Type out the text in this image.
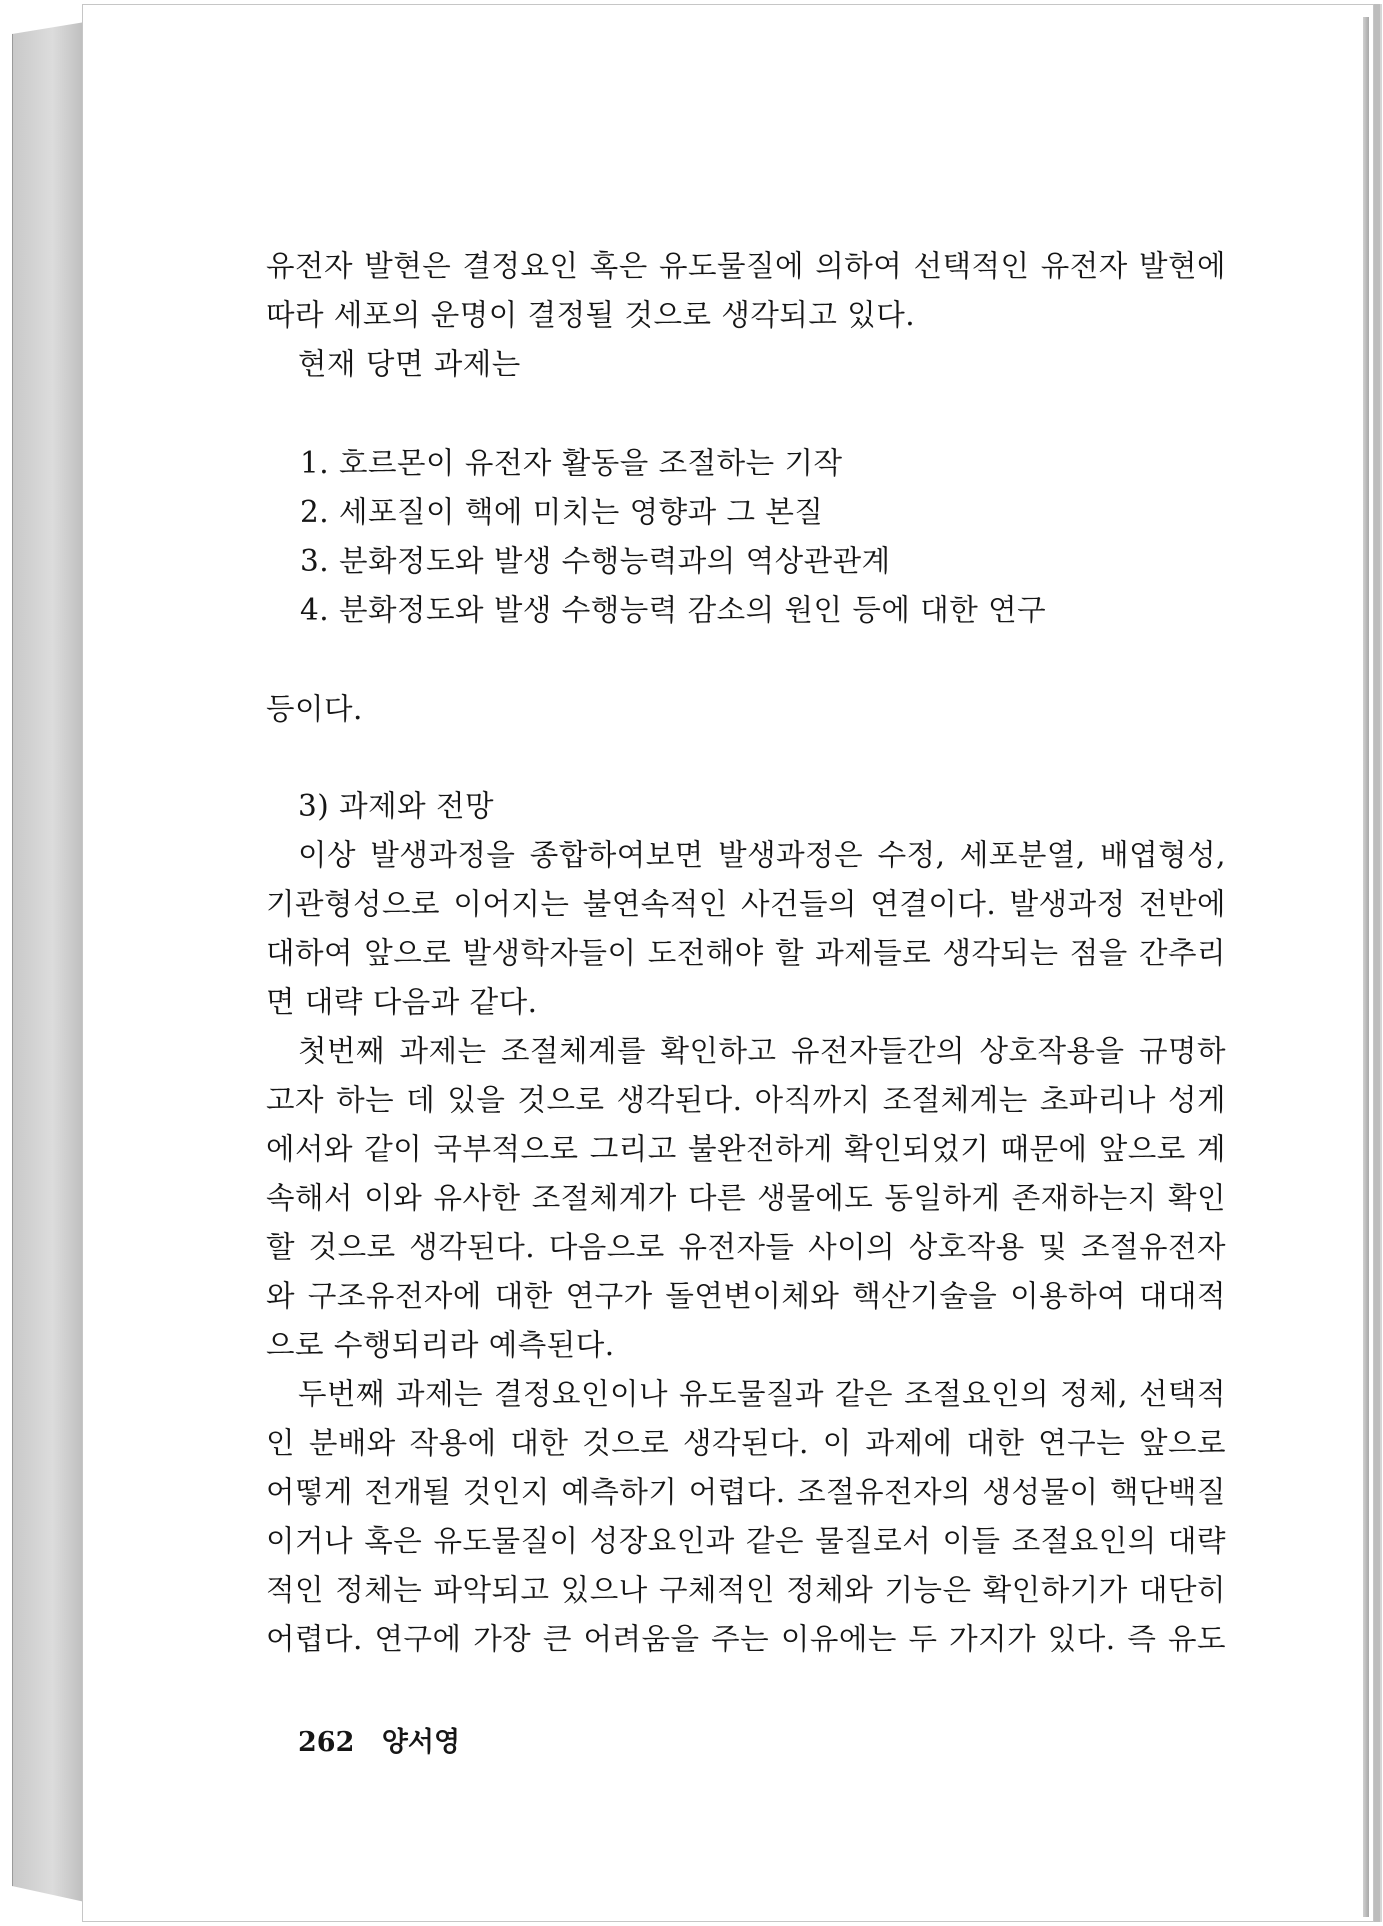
유전자 발현은 결정요인 혹은 유도물질에 의하여 선택적인 유전자 발현에
따라 세포의 운명이 결정될 것으로 생각되고 있다.
현재 당면 과제는
1. 호르몬이 유전자 활동을 조절하는 기작
2. 세포질이 핵에 미치는 영향과 그 본질
3. 분화정도와 발생 수행능력과의 역상관관계
4. 분화정도와 발생 수행능력 감소의 원인 등에 대한 연구
등이다.
3) 과제와 전망
이상 발생과정을 종합하여보면 발생과정은 수정, 세포분열, 배엽형성,
기관형성으로 이어지는 불연속적인 사건들의 연결이다. 발생과정 전반에
대하여 앞으로 발생학자들이 도전해야 할 과제들로 생각되는 점을 간추리
면 대략 다음과 같다.
첫번째 과제는 조절체계를 확인하고 유전자들간의 상호작용을 규명하
고자 하는 데 있을 것으로 생각된다. 아직까지 조절체계는 초파리나 성게
에서와 같이 국부적으로 그리고 불완전하게 확인되었기 때문에 앞으로 계
속해서 이와 유사한 조절체계가 다른 생물에도 동일하게 존재하는지 확인
할 것으로 생각된다. 다음으로 유전자들 사이의 상호작용 및 조절유전자
와 구조유전자에 대한 연구가 돌연변이체와 핵산기술을 이용하여 대대적
으로 수행되리라 예측된다.
두번째 과제는 결정요인이나 유도물질과 같은 조절요인의 정체, 선택적
인 분배와 작용에 대한 것으로 생각된다. 이 과제에 대한 연구는 앞으로
어떻게 전개될 것인지 예측하기 어렵다. 조절유전자의 생성물이 핵단백질
이거나 혹은 유도물질이 성장요인과 같은 물질로서 이들 조절요인의 대략
적인 정체는 파악되고 있으나 구체적인 정체와 기능은 확인하기가 대단히
어렵다. 연구에 가장 큰 어려움을 주는 이유에는 두 가지가 있다. 즉 유도
262 양서영
